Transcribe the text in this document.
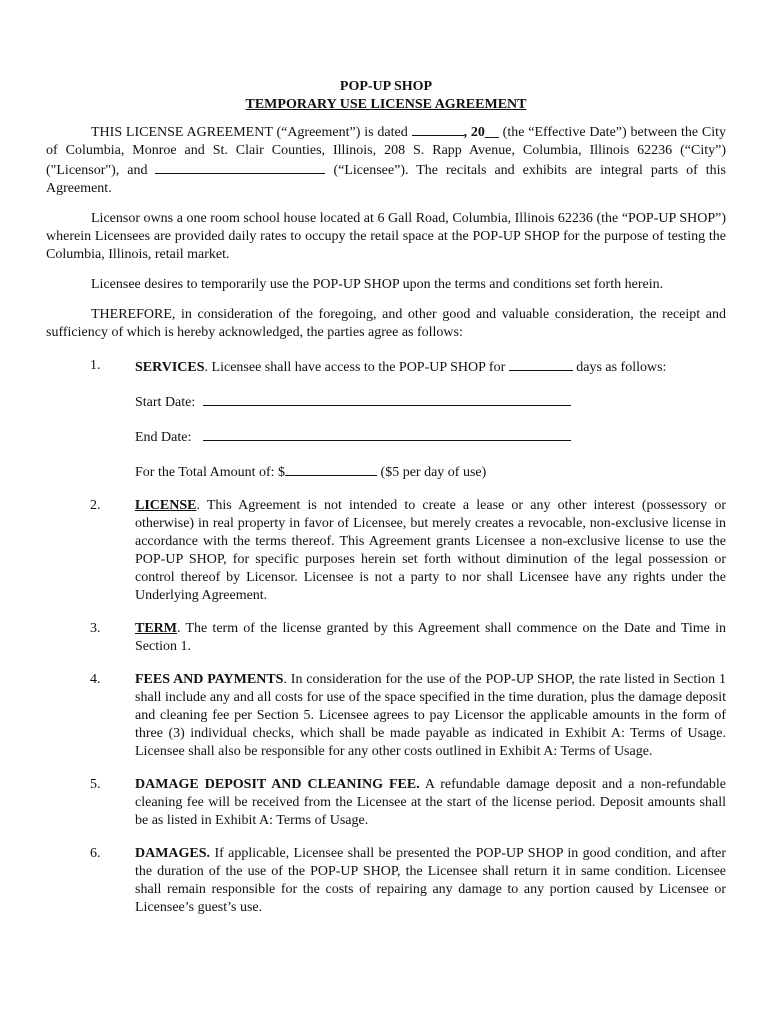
POP-UP SHOP

TEMPORARY USE LICENSE AGREEMENT

THIS LICENSE AGREEMENT (“Agreement”) is dated	, 20__ (the “Effective Date”) between the City of Columbia, Monroe and St. Clair Counties, Illinois, 208 S. Rapp Avenue, Columbia, Illinois 62236 (“City”) ("Licensor"), and	(“Licensee”). The recitals and exhibits are integral parts of this Agreement.

Licensor owns a one room school house located at 6 Gall Road, Columbia, Illinois 62236 (the “POP-UP SHOP”) wherein Licensees are provided daily rates to occupy the retail space at the POP-UP SHOP for the purpose of testing the Columbia, Illinois, retail market.

Licensee desires to temporarily use the POP-UP SHOP upon the terms and conditions set forth herein.

THEREFORE, in consideration of the foregoing, and other good and valuable consideration, the receipt and sufficiency of which is hereby acknowledged, the parties agree as follows:

1. SERVICES. Licensee shall have access to the POP-UP SHOP for	days as follows:
Start Date:
End Date:
For the Total Amount of: $	($5 per day of use)
2. LICENSE. This Agreement is not intended to create a lease or any other interest (possessory or otherwise) in real property in favor of Licensee, but merely creates a revocable, non-exclusive license in accordance with the terms thereof. This Agreement grants Licensee a non-exclusive license to use the POP-UP SHOP, for specific purposes herein set forth without diminution of the legal possession or control thereof by Licensor. Licensee is not a party to nor shall Licensee have any rights under the Underlying Agreement.
3. TERM. The term of the license granted by this Agreement shall commence on the Date and Time in Section 1.
4. FEES AND PAYMENTS. In consideration for the use of the POP-UP SHOP, the rate listed in Section 1 shall include any and all costs for use of the space specified in the time duration, plus the damage deposit and cleaning fee per Section 5. Licensee agrees to pay Licensor the applicable amounts in the form of three (3) individual checks, which shall be made payable as indicated in Exhibit A: Terms of Usage. Licensee shall also be responsible for any other costs outlined in Exhibit A: Terms of Usage.
5. DAMAGE DEPOSIT AND CLEANING FEE. A refundable damage deposit and a non-refundable cleaning fee will be received from the Licensee at the start of the license period. Deposit amounts shall be as listed in Exhibit A: Terms of Usage.
6. DAMAGES. If applicable, Licensee shall be presented the POP-UP SHOP in good condition, and after the duration of the use of the POP-UP SHOP, the Licensee shall return it in same condition. Licensee shall remain responsible for the costs of repairing any damage to any portion caused by Licensee or Licensee’s guest’s use.
